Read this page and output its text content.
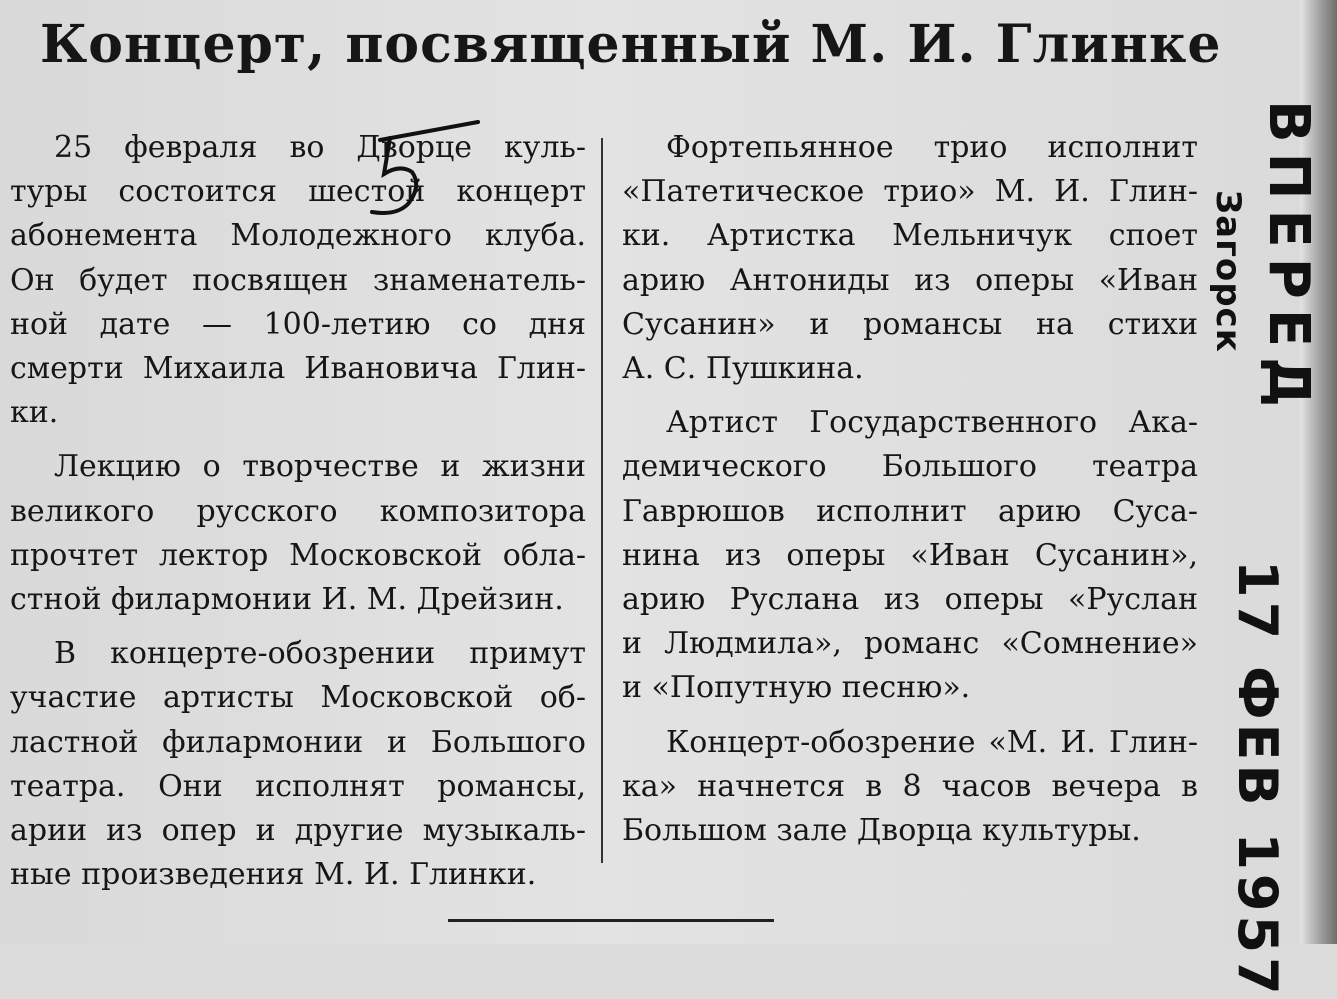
Концерт, посвященный М. И. Глинке

25 февраля во Дворце куль-
туры состоится шестой концерт
абонемента Молодежного клуба.
Он будет посвящен знаменатель-
ной дате — 100-летию со дня
смерти Михаила Ивановича Глин-
ки.

Лекцию о творчестве и жизни
великого русского композитора
прочтет лектор Московской обла-
стной филармонии И. М. Дрейзин.

В концерте-обозрении примут
участие артисты Московской об-
ластной филармонии и Большого
театра. Они исполнят романсы,
арии из опер и другие музыкаль-
ные произведения М. И. Глинки.

Фортепьянное трио исполнит
«Патетическое трио» М. И. Глин-
ки. Артистка Мельничук споет
арию Антониды из оперы «Иван
Сусанин» и романсы на стихи
А. С. Пушкина.

Артист Государственного Ака-
демического Большого театра
Гаврюшов исполнит арию Суса-
нина из оперы «Иван Сусанин»,
арию Руслана из оперы «Руслан
и Людмила», романс «Сомнение»
и «Попутную песню».

Концерт-обозрение «М. И. Глин-
ка» начнется в 8 часов вечера в
Большом зале Дворца культуры.

ВПЕРЕД
Загорск
17 ФЕВ 1957
